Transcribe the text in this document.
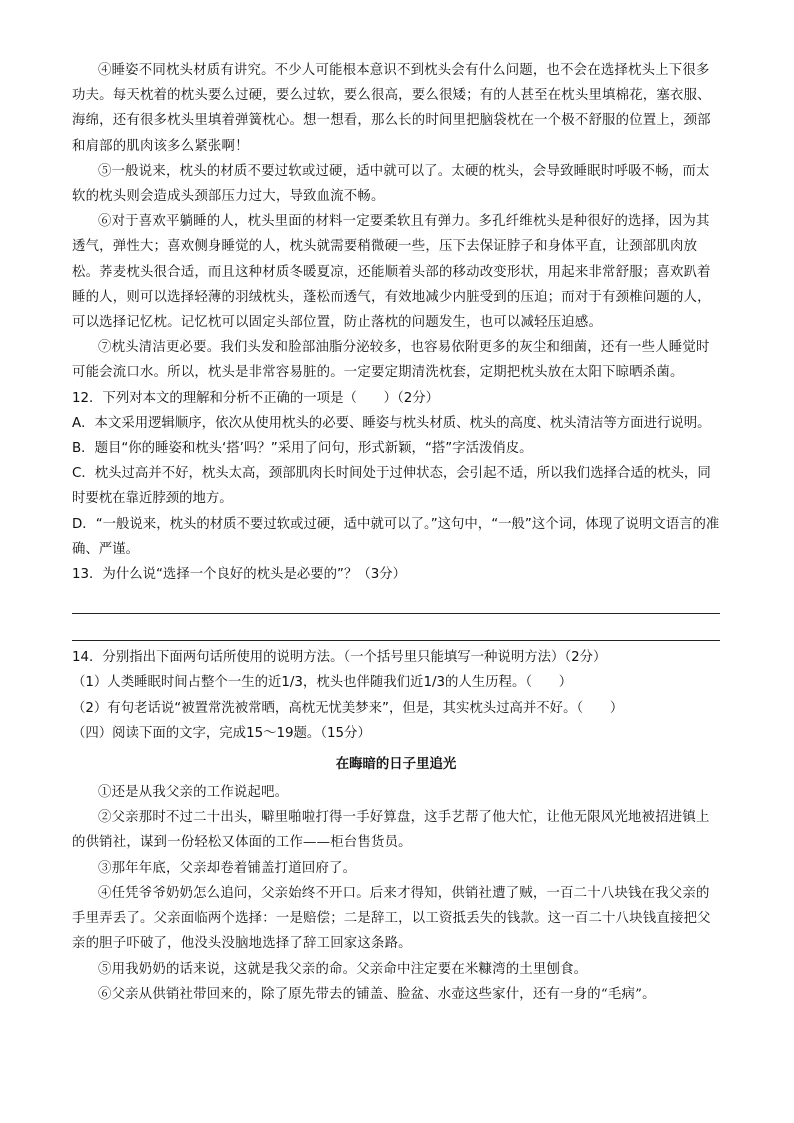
④睡姿不同枕头材质有讲究。不少人可能根本意识不到枕头会有什么问题，也不会在选择枕头上下很多功夫。每天枕着的枕头要么过硬，要么过软，要么很高，要么很矮；有的人甚至在枕头里填棉花，塞衣服、海绵，还有很多枕头里填着弹簧枕心。想一想看，那么长的时间里把脑袋枕在一个极不舒服的位置上，颈部和肩部的肌肉该多么紧张啊！

⑤一般说来，枕头的材质不要过软或过硬，适中就可以了。太硬的枕头，会导致睡眠时呼吸不畅，而太软的枕头则会造成头颈部压力过大，导致血流不畅。

⑥对于喜欢平躺睡的人，枕头里面的材料一定要柔软且有弹力。多孔纤维枕头是种很好的选择，因为其透气，弹性大；喜欢侧身睡觉的人，枕头就需要稍微硬一些，压下去保证脖子和身体平直，让颈部肌肉放松。荞麦枕头很合适，而且这种材质冬暖夏凉，还能顺着头部的移动改变形状，用起来非常舒服；喜欢趴着睡的人，则可以选择轻薄的羽绒枕头，蓬松而透气，有效地减少内脏受到的压迫；而对于有颈椎问题的人，可以选择记忆枕。记忆枕可以固定头部位置，防止落枕的问题发生，也可以减轻压迫感。

⑦枕头清洁更必要。我们头发和脸部油脂分泌较多，也容易依附更多的灰尘和细菌，还有一些人睡觉时可能会流口水。所以，枕头是非常容易脏的。一定要定期清洗枕套，定期把枕头放在太阳下晾晒杀菌。

12．下列对本文的理解和分析不正确的一项是（　　）（2分）

A．本文采用逻辑顺序，依次从使用枕头的必要、睡姿与枕头材质、枕头的高度、枕头清洁等方面进行说明。

B．题目“你的睡姿和枕头‘搭’吗？”采用了问句，形式新颖，“搭”字活泼俏皮。

C．枕头过高并不好，枕头太高，颈部肌肉长时间处于过伸状态，会引起不适，所以我们选择合适的枕头，同时要枕在靠近脖颈的地方。

D．“一般说来，枕头的材质不要过软或过硬，适中就可以了。”这句中，“一般”这个词，体现了说明文语言的准确、严谨。

13．为什么说“选择一个良好的枕头是必要的”？（3分）

14．分别指出下面两句话所使用的说明方法。（一个括号里只能填写一种说明方法）（2分）

（1）人类睡眠时间占整个一生的近1/3，枕头也伴随我们近1/3的人生历程。（　　）

（2）有句老话说“被置常洗被常晒，高枕无忧美梦来”，但是，其实枕头过高并不好。（　　）

（四）阅读下面的文字，完成15～19题。（15分）

在晦暗的日子里追光

①还是从我父亲的工作说起吧。

②父亲那时不过二十出头，噼里啪啦打得一手好算盘，这手艺帮了他大忙，让他无限风光地被招进镇上的供销社，谋到一份轻松又体面的工作——柜台售货员。

③那年年底，父亲却卷着铺盖打道回府了。

④任凭爷爷奶奶怎么追问，父亲始终不开口。后来才得知，供销社遭了贼，一百二十八块钱在我父亲的手里弄丢了。父亲面临两个选择：一是赔偿；二是辞工，以工资抵丢失的钱款。这一百二十八块钱直接把父亲的胆子吓破了，他没头没脑地选择了辞工回家这条路。

⑤用我奶奶的话来说，这就是我父亲的命。父亲命中注定要在米糠湾的土里刨食。

⑥父亲从供销社带回来的，除了原先带去的铺盖、脸盆、水壶这些家什，还有一身的“毛病”。
